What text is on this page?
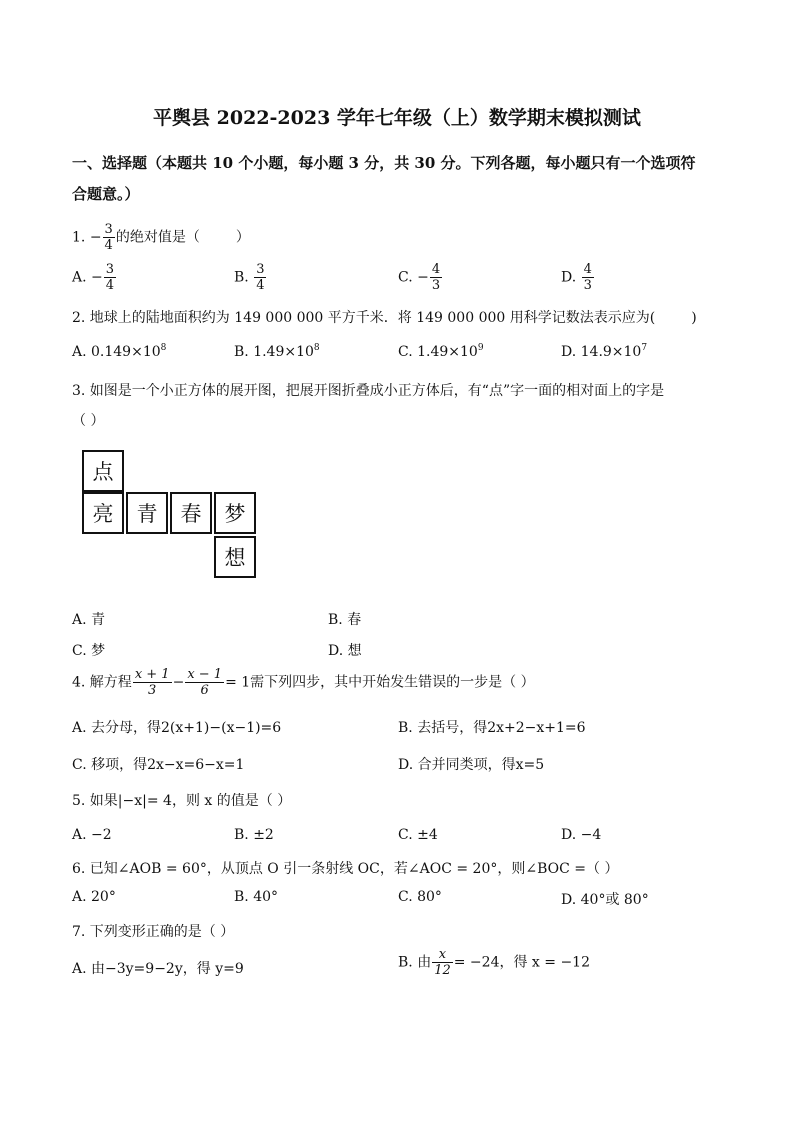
平舆县 2022-2023 学年七年级（上）数学期末模拟测试
一、选择题（本题共 10 个小题，每小题 3 分，共 30 分。下列各题，每小题只有一个选项符
合题意。）
1. − $\frac{3}{4}$ 的绝对值是（	）
A. − $\frac{3}{4}$	B. $\frac{3}{4}$	C. − $\frac{4}{3}$	D. $\frac{4}{3}$
2. 地球上的陆地面积约为 149 000 000 平方千米．将 149 000 000 用科学记数法表示应为(	)
A. $0.149\times 10^8$	B. $1.49\times 10^8$	C. $1.49\times 10^9$	D. $14.9\times 10^7$
3. 如图是一个小正方体的展开图，把展开图折叠成小正方体后，有“点”字一面的相对面上的字是
（ ）
点
亮	青	春	梦
想
A. 青	B. 春
C. 梦	D. 想
4. 解方程 $\frac{x + 1}{3} - \frac{x - 1}{6} = 1$需下列四步，其中开始发生错误的一步是（ ）
A. 去分母，得2(x+1)−(x−1)=6	B. 去括号，得2x+2−x+1=6
C. 移项，得2x−x=6−x=1	D. 合并同类项，得x=5
5. 如果|−x|= 4，则 x 的值是（ ）
A. −2	B. ±2	C. ±4	D. −4
6. 已知∠AOB = 60°，从顶点 O 引一条射线 OC，若∠AOC = 20°，则∠BOC =（ ）
A. 20°	B. 40°	C. 80°	D. 40°或 80°
7. 下列变形正确的是（ ）
A. 由−3y=9−2y，得 y=9	B. 由 $\frac{x}{12} = -24$，得 x = −12
